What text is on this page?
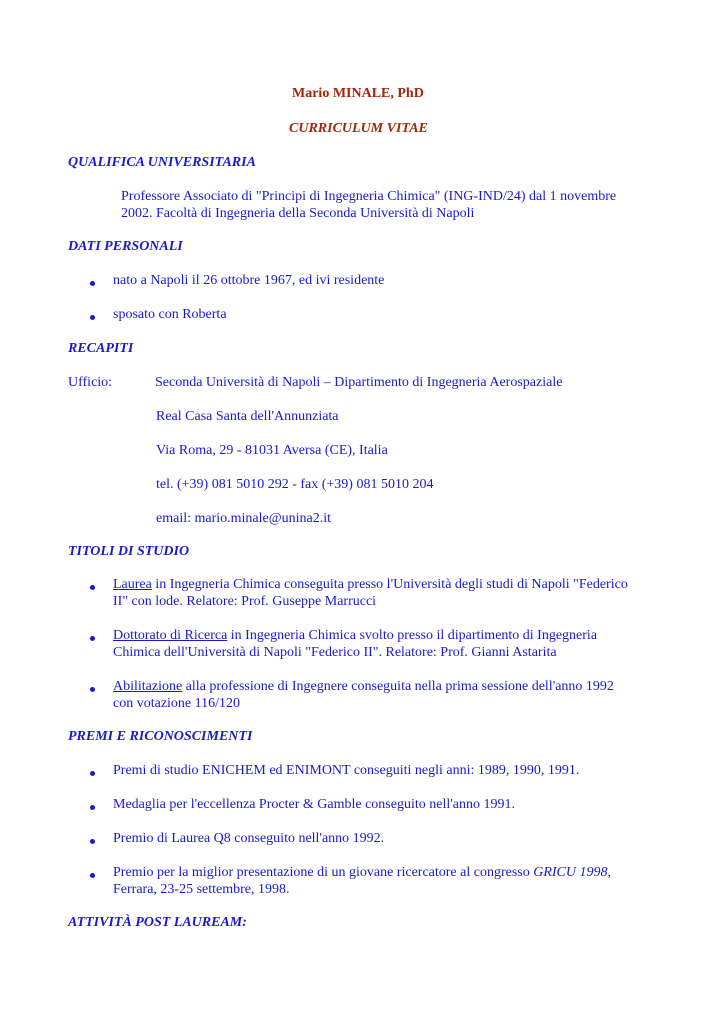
Mario MINALE, PhD
CURRICULUM VITAE
QUALIFICA UNIVERSITARIA
Professore Associato di "Principi di Ingegneria Chimica" (ING-IND/24) dal 1 novembre
2002. Facoltà di Ingegneria della Seconda Università di Napoli
DATI PERSONALI
nato a Napoli il 26 ottobre 1967, ed ivi residente
sposato con Roberta
RECAPITI
Ufficio:	Seconda Università di Napoli – Dipartimento di Ingegneria Aerospaziale
Real Casa Santa dell'Annunziata
Via Roma, 29 - 81031 Aversa (CE), Italia
tel. (+39) 081 5010 292 - fax (+39) 081 5010 204
email: mario.minale@unina2.it
TITOLI DI STUDIO
Laurea in Ingegneria Chimica conseguita presso l'Università degli studi di Napoli "Federico
II" con lode. Relatore: Prof. Guseppe Marrucci
Dottorato di Ricerca in Ingegneria Chimica svolto presso il dipartimento di Ingegneria
Chimica dell'Università di Napoli "Federico II". Relatore: Prof. Gianni Astarita
Abilitazione alla professione di Ingegnere conseguita nella prima sessione dell'anno 1992
con votazione 116/120
PREMI E RICONOSCIMENTI
Premi di studio ENICHEM ed ENIMONT conseguiti negli anni: 1989, 1990, 1991.
Medaglia per l'eccellenza Procter & Gamble conseguito nell'anno 1991.
Premio di Laurea Q8 conseguito nell'anno 1992.
Premio per la miglior presentazione di un giovane ricercatore al congresso GRICU 1998,
Ferrara, 23-25 settembre, 1998.
ATTIVITÀ POST LAUREAM:
